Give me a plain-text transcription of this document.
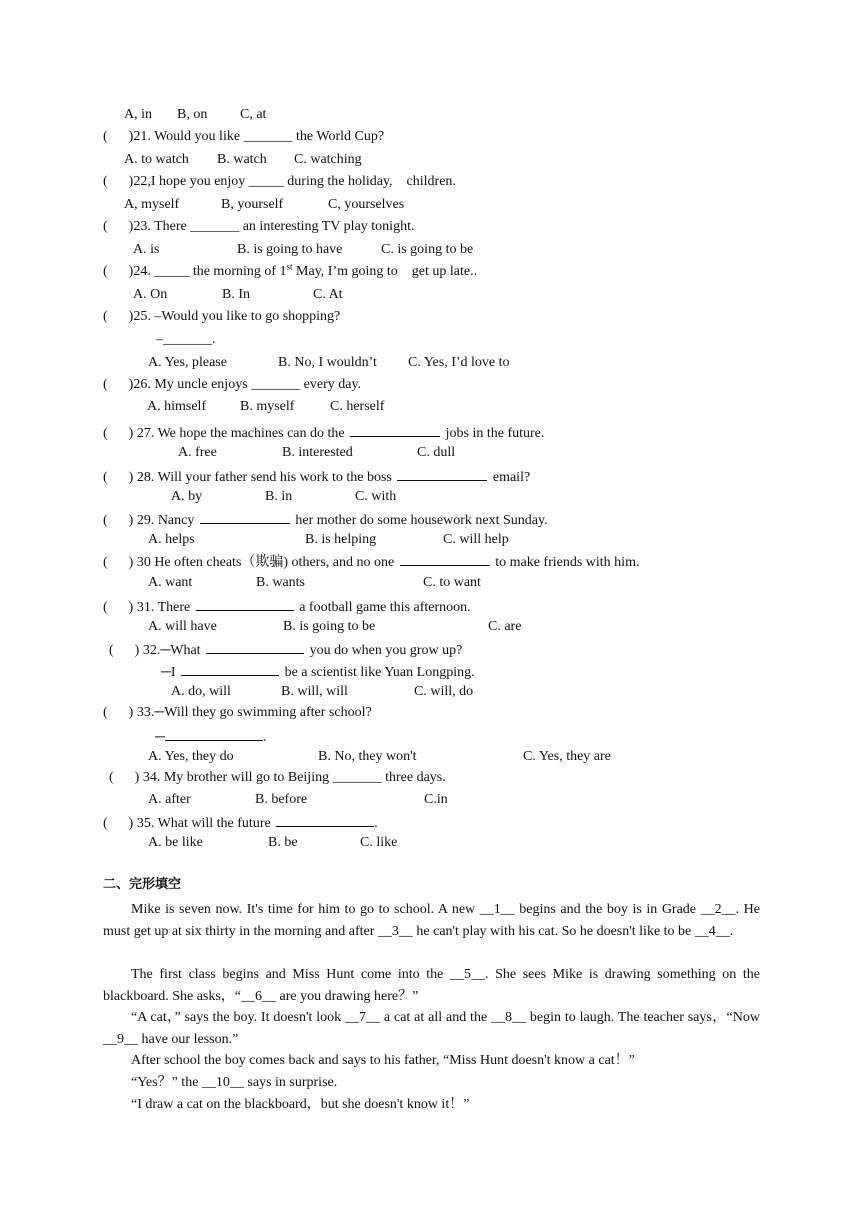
A, in B, on C, at
(      )21. Would you like _______ the World Cup?
A. to watch B. watch C. watching
(      )22,I hope you enjoy _____ during the holiday,    children.
A, myself	B, yourself	C, yourselves
(      )23. There _______ an interesting TV play tonight.
A. is	B. is going to have	C. is going to be
(      )24. _____ the morning of 1st May, I’m going to    get up late..
A. On	B. In	C. At
(      )25. –Would you like to go shopping?
–_______.
A. Yes, please	B. No, I wouldn’t C. Yes, I’d love to
(      )26. My uncle enjoys _______ every day.
A. himself B. myself	C. herself
(      ) 27. We hope the machines can do the	jobs in the future.
A. free	B. interested	C. dull
(      ) 28. Will your father send his work to the boss	email?
A. by	B. in	C. with
(      ) 29. Nancy	her mother do some housework next Sunday.
A. helps	B. is helping	C. will help
(      ) 30 He often cheats（欺骗) others, and no one	to make friends with him.
A. want	B. wants	C. to want
(      ) 31. There	a football game this afternoon.
A. will have	B. is going to be	C. are
(      ) 32.─What	you do when you grow up?
─I	be a scientist like Yuan Longping.
A. do, will	B. will, will	C. will, do
(      ) 33.─Will they go swimming after school?
─	.
A. Yes, they do	B. No, they won't	C. Yes, they are
(      ) 34. My brother will go to Beijing _______ three days.
A. after	B. before	C.in
(      ) 35. What will the future	.
A. be like	B. be	C. like
二、完形填空
Mike is seven now. It's time for him to go to school. A new __1__ begins and the boy is in Grade __2__. He must get up at six thirty in the morning and after __3__ he can't play with his cat. So he doesn't like to be __4__.
The first class begins and Miss Hunt come into the __5__. She sees Mike is drawing something on the blackboard. She asks，“__6__ are you drawing here？”
“A cat，” says the boy. It doesn't look __7__ a cat at all and the __8__ begin to laugh. The teacher says，“Now __9__ have our lesson.”
After school the boy comes back and says to his father, “Miss Hunt doesn't know a cat！”
“Yes？” the __10__ says in surprise.
“I draw a cat on the blackboard，but she doesn't know it！”
